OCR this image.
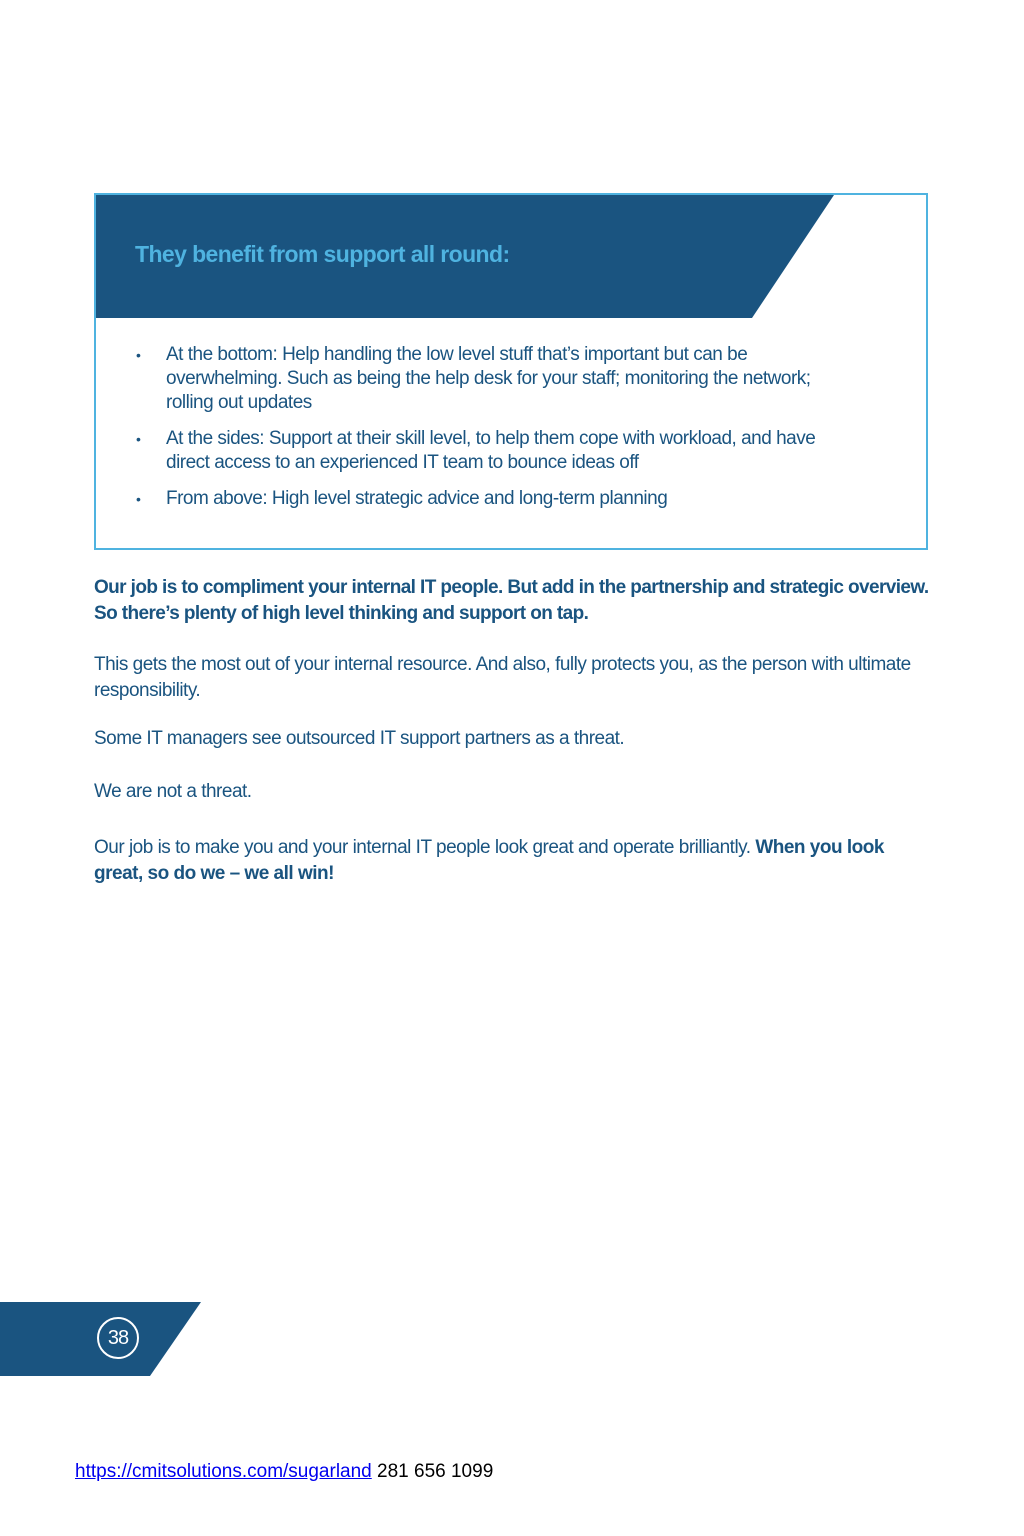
They benefit from support all round:
• At the bottom: Help handling the low level stuff that’s important but can be overwhelming. Such as being the help desk for your staff; monitoring the network; rolling out updates
• At the sides: Support at their skill level, to help them cope with workload, and have direct access to an experienced IT team to bounce ideas off
• From above: High level strategic advice and long-term planning

Our job is to compliment your internal IT people. But add in the partnership and strategic overview. So there’s plenty of high level thinking and support on tap.

This gets the most out of your internal resource. And also, fully protects you, as the person with ultimate responsibility.

Some IT managers see outsourced IT support partners as a threat.

We are not a threat.

Our job is to make you and your internal IT people look great and operate brilliantly. When you look great, so do we – we all win!

38

https://cmitsolutions.com/sugarland 281 656 1099
